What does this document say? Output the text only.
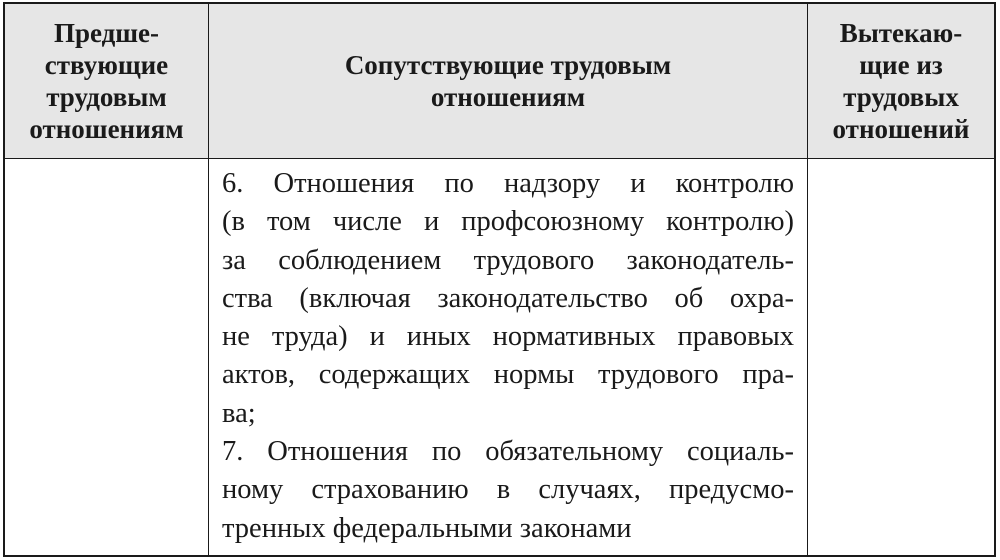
Предше-
ствующие
трудовым
отношениям
Сопутствующие трудовым
отношениям
Вытекаю-
щие из
трудовых
отношений
6. Отношения по надзору и контролю
(в том числе и профсоюзному контролю)
за соблюдением трудового законодатель-
ства (включая законодательство об охра-
не труда) и иных нормативных правовых
актов, содержащих нормы трудового пра-
ва;
7. Отношения по обязательному социаль-
ному страхованию в случаях, предусмо-
тренных федеральными законами
